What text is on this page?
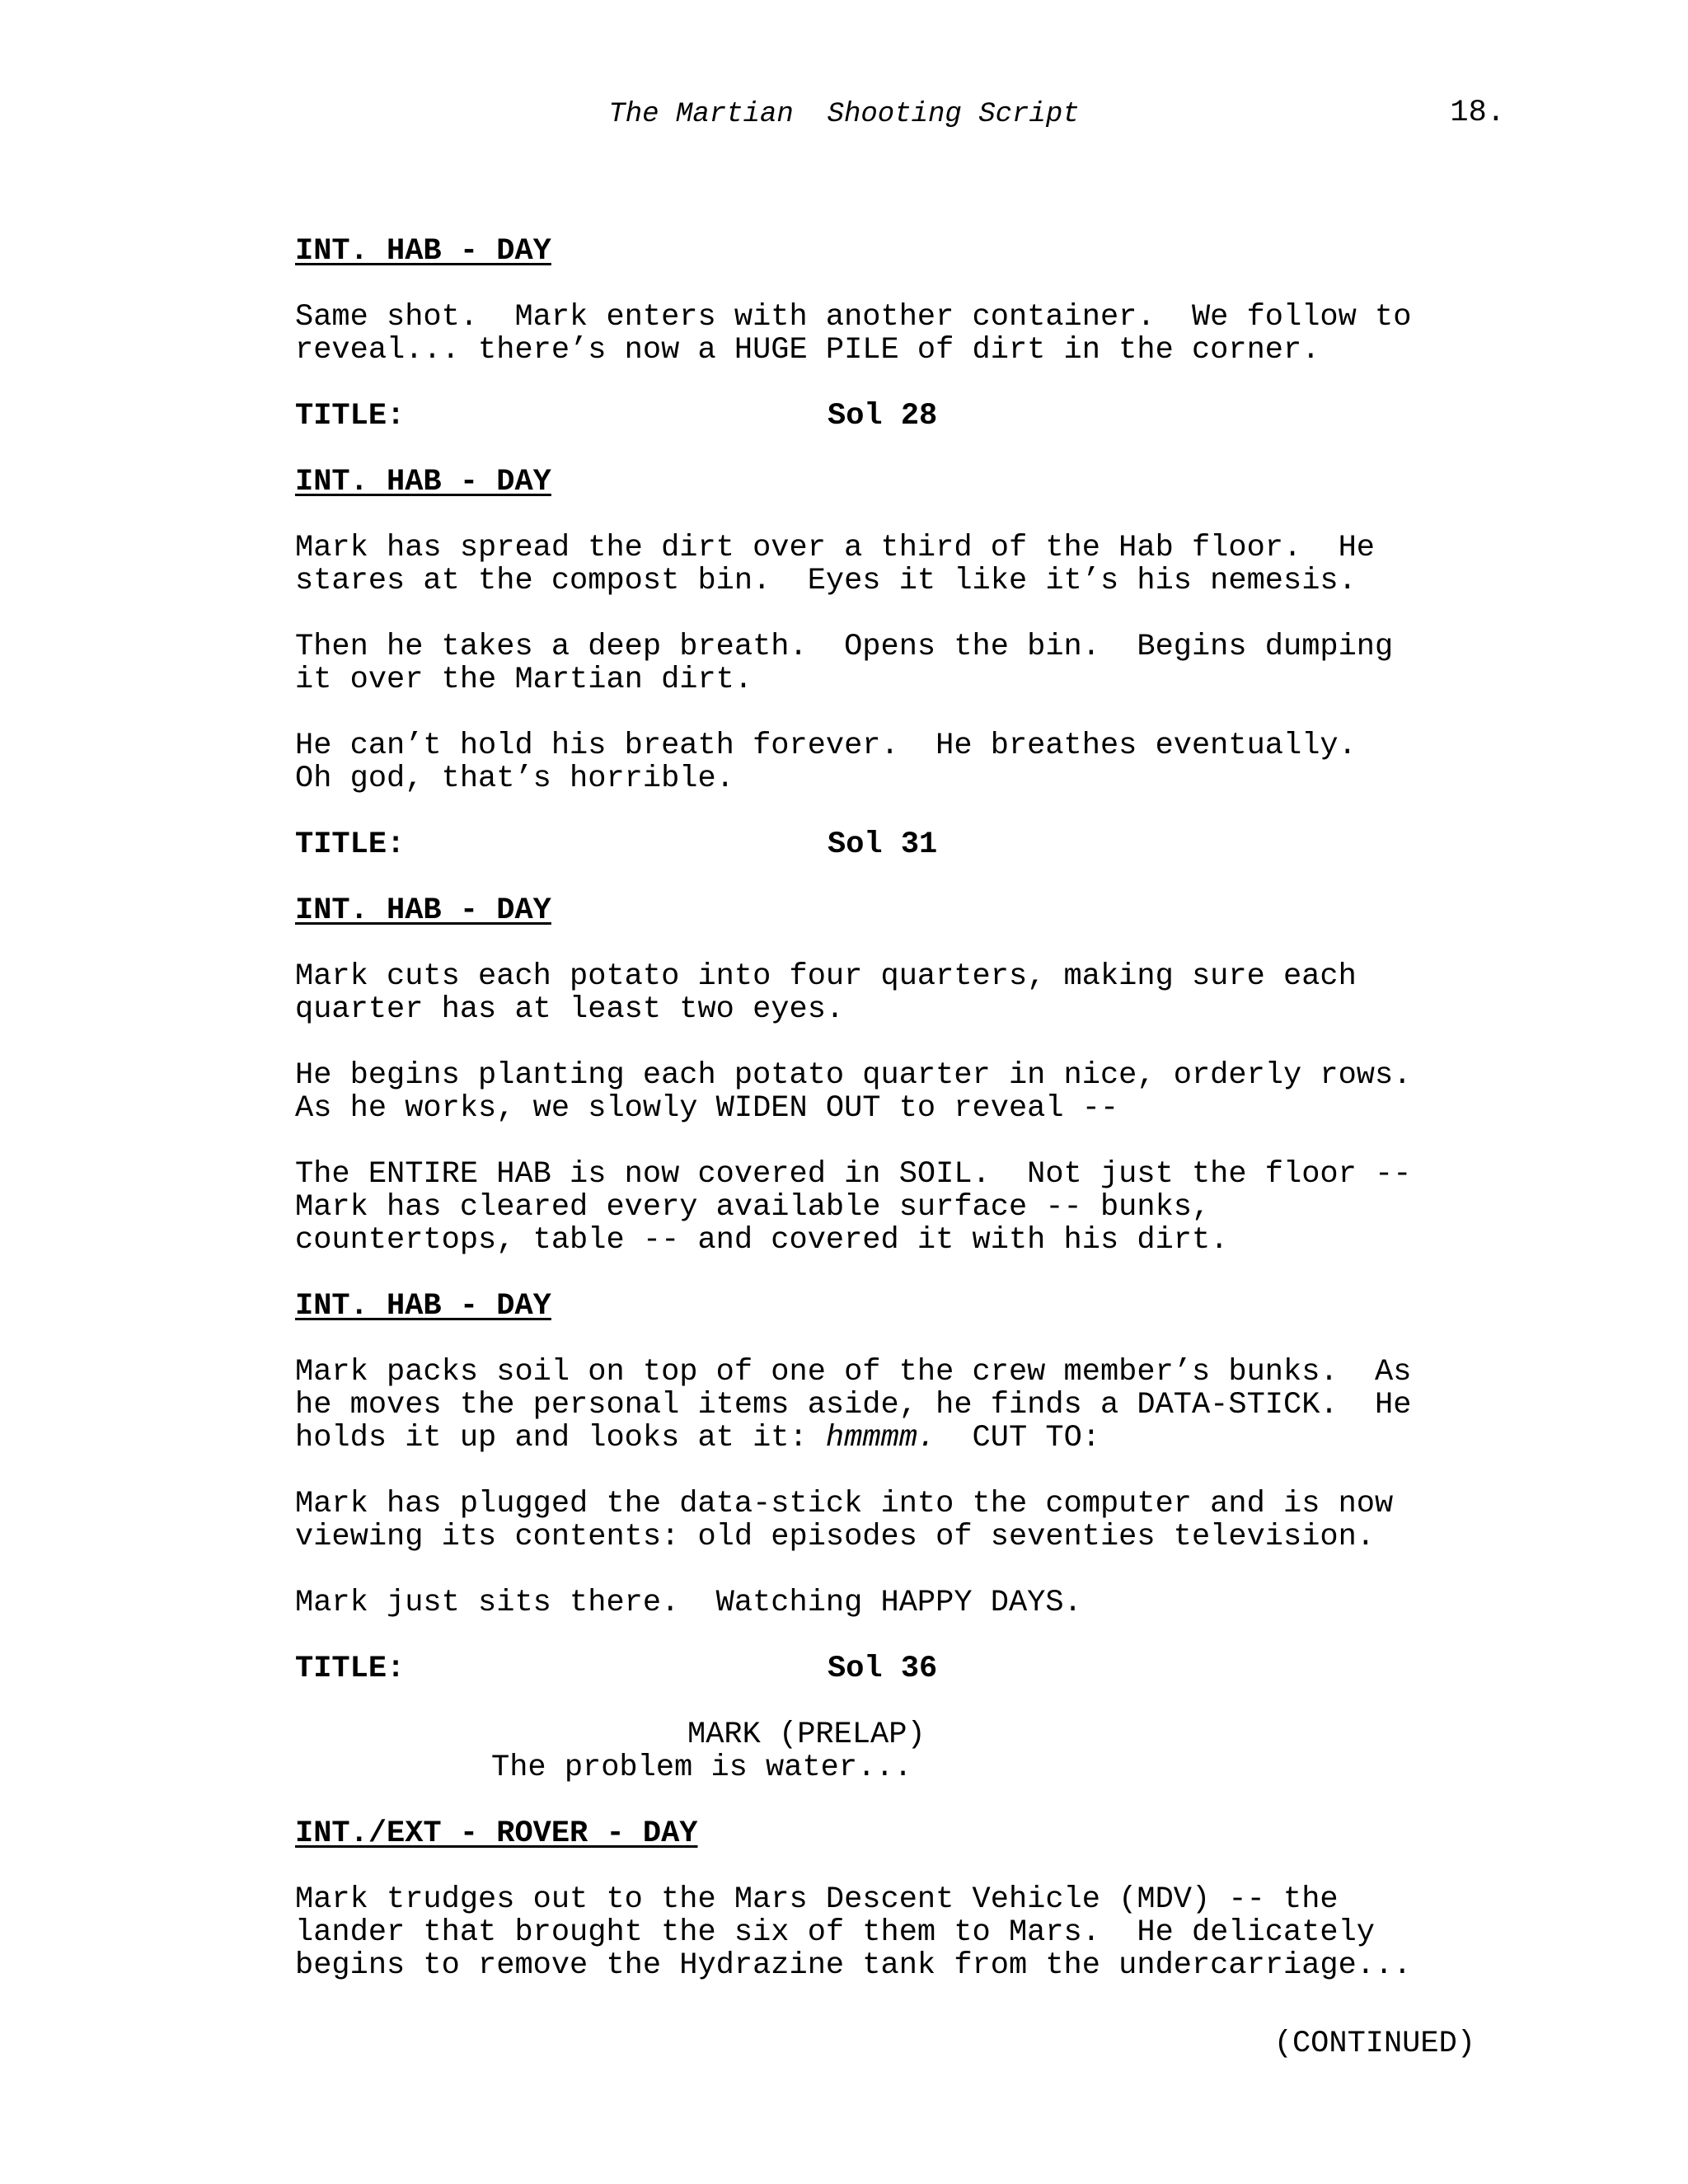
The Martian  Shooting Script	18.
INT. HAB - DAY
Same shot.  Mark enters with another container.  We follow to
reveal... there’s now a HUGE PILE of dirt in the corner.
TITLE:	Sol 28
INT. HAB - DAY
Mark has spread the dirt over a third of the Hab floor.  He
stares at the compost bin.  Eyes it like it’s his nemesis.
Then he takes a deep breath.  Opens the bin.  Begins dumping
it over the Martian dirt.
He can’t hold his breath forever.  He breathes eventually.
Oh god, that’s horrible.
TITLE:	Sol 31
INT. HAB - DAY
Mark cuts each potato into four quarters, making sure each
quarter has at least two eyes.
He begins planting each potato quarter in nice, orderly rows.
As he works, we slowly WIDEN OUT to reveal --
The ENTIRE HAB is now covered in SOIL.  Not just the floor --
Mark has cleared every available surface -- bunks,
countertops, table -- and covered it with his dirt.
INT. HAB - DAY
Mark packs soil on top of one of the crew member’s bunks.  As
he moves the personal items aside, he finds a DATA-STICK.  He
holds it up and looks at it: hmmmm.  CUT TO:
Mark has plugged the data-stick into the computer and is now
viewing its contents: old episodes of seventies television.
Mark just sits there.  Watching HAPPY DAYS.
TITLE:	Sol 36
MARK (PRELAP)
The problem is water...
INT./EXT - ROVER - DAY
Mark trudges out to the Mars Descent Vehicle (MDV) -- the
lander that brought the six of them to Mars.  He delicately
begins to remove the Hydrazine tank from the undercarriage...
(CONTINUED)
